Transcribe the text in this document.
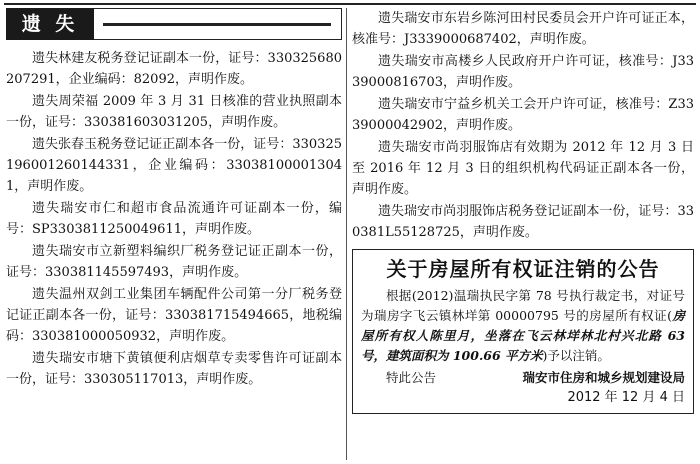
遗 失

遗失林建友税务登记证副本一份，证号：330325680207291，企业编码：82092，声明作废。

遗失周荣福 2009 年 3 月 31 日核准的营业执照副本一份，证号：330381603031205，声明作废。

遗失张春玉税务登记证正副本各一份，证号：330325196001260144331，企业编码：330381000013041，声明作废。

遗失瑞安市仁和超市食品流通许可证副本一份，编号：SP3303811250049611，声明作废。

遗失瑞安市立新塑料编织厂税务登记证正副本一份，证号：330381145597493，声明作废。

遗失温州双剑工业集团车辆配件公司第一分厂税务登记证正副本各一份，证号：330381715494665，地税编码：330381000050932，声明作废。

遗失瑞安市塘下黄镇便利店烟草专卖零售许可证副本一份，证号：330305117013，声明作废。

遗失瑞安市东岩乡陈河田村民委员会开户许可证正本，核准号：J3339000687402，声明作废。

遗失瑞安市高楼乡人民政府开户许可证，核准号：J3339000816703，声明作废。

遗失瑞安市宁益乡机关工会开户许可证，核准号：Z3339000042902，声明作废。

遗失瑞安市尚羽服饰店有效期为 2012 年 12 月 3 日至 2016 年 12 月 3 日的组织机构代码证正副本各一份，声明作废。

遗失瑞安市尚羽服饰店税务登记证副本一份，证号：330381L55128725，声明作废。

关于房屋所有权证注销的公告

根据(2012)温瑞执民字第 78 号执行裁定书，对证号为瑞房字飞云镇林垟第 00000795 号的房屋所有权证(房屋所有权人陈里月，坐落在飞云林垟林北村兴北路 63 号，建筑面积为 100.66 平方米)予以注销。

特此公告	瑞安市住房和城乡规划建设局
2012 年 12 月 4 日
